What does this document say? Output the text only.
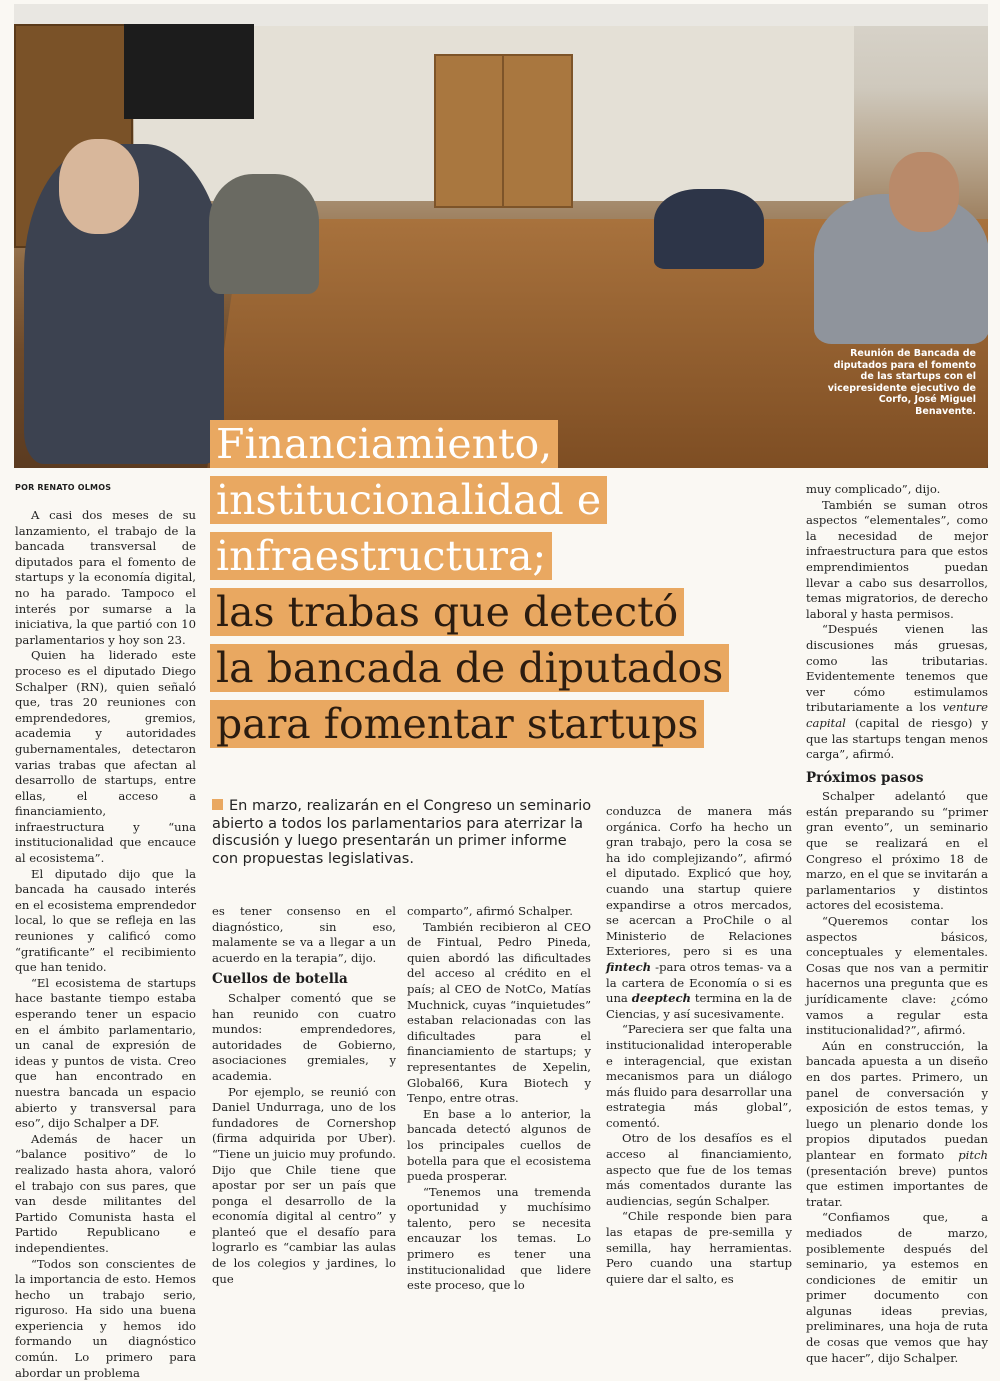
Reunión de Bancada de diputados para el fomento de las startups con el vicepresidente ejecutivo de Corfo, José Miguel Benavente.
Financiamiento,
institucionalidad e
infraestructura;
las trabas que detectó
la bancada de diputados
para fomentar startups
POR RENATO OLMOS

A casi dos meses de su lanzamiento, el trabajo de la bancada transversal de diputados para el fomento de startups y la economía digital, no ha parado. Tampoco el interés por sumarse a la iniciativa, la que partió con 10 parlamentarios y hoy son 23.

Quien ha liderado este proceso es el diputado Diego Schalper (RN), quien señaló que, tras 20 reuniones con emprendedores, gremios, academia y autoridades gubernamentales, detectaron varias trabas que afectan al desarrollo de startups, entre ellas, el acceso a financiamiento, infraestructura y “una institucionalidad que encauce al ecosistema”.

El diputado dijo que la bancada ha causado interés en el ecosistema emprendedor local, lo que se refleja en las reuniones y calificó como “gratificante” el recibimiento que han tenido.

“El ecosistema de startups hace bastante tiempo estaba esperando tener un espacio en el ámbito parlamentario, un canal de expresión de ideas y puntos de vista. Creo que han encontrado en nuestra bancada un espacio abierto y transversal para eso”, dijo Schalper a DF.

Además de hacer un “balance positivo” de lo realizado hasta ahora, valoró el trabajo con sus pares, que van desde militantes del Partido Comunista hasta el Partido Republicano e independientes.

“Todos son conscientes de la importancia de esto. Hemos hecho un trabajo serio, riguroso. Ha sido una buena experiencia y hemos ido formando un diagnóstico común. Lo primero para abordar un problema

En marzo, realizarán en el Congreso un seminario abierto a todos los parlamentarios para aterrizar la discusión y luego presentarán un primer informe con propuestas legislativas.

es tener consenso en el diagnóstico, sin eso, malamente se va a llegar a un acuerdo en la terapia”, dijo.

Cuellos de botella

Schalper comentó que se han reunido con cuatro mundos: emprendedores, autoridades de Gobierno, asociaciones gremiales, y academia.

Por ejemplo, se reunió con Daniel Undurraga, uno de los fundadores de Cornershop (firma adquirida por Uber). “Tiene un juicio muy profundo. Dijo que Chile tiene que apostar por ser un país que ponga el desarrollo de la economía digital al centro” y planteó que el desafío para lograrlo es “cambiar las aulas de los colegios y jardines, lo que

comparto”, afirmó Schalper.

También recibieron al CEO de Fintual, Pedro Pineda, quien abordó las dificultades del acceso al crédito en el país; al CEO de NotCo, Matías Muchnick, cuyas “inquietudes” estaban relacionadas con las dificultades para el financiamiento de startups; y representantes de Xepelin, Global66, Kura Biotech y Tenpo, entre otras.

En base a lo anterior, la bancada detectó algunos de los principales cuellos de botella para que el ecosistema pueda prosperar.

“Tenemos una tremenda oportunidad y muchísimo talento, pero se necesita encauzar los temas. Lo primero es tener una institucionalidad que lidere este proceso, que lo

conduzca de manera más orgánica. Corfo ha hecho un gran trabajo, pero la cosa se ha ido complejizando”, afirmó el diputado. Explicó que hoy, cuando una startup quiere expandirse a otros mercados, se acercan a ProChile o al Ministerio de Relaciones Exteriores, pero si es una fintech -para otros temas- va a la cartera de Economía o si es una deeptech termina en la de Ciencias, y así sucesivamente.

“Pareciera ser que falta una institucionalidad interoperable e interagencial, que existan mecanismos para un diálogo más fluido para desarrollar una estrategia más global”, comentó.

Otro de los desafíos es el acceso al financiamiento, aspecto que fue de los temas más comentados durante las audiencias, según Schalper.

“Chile responde bien para las etapas de pre-semilla y semilla, hay herramientas. Pero cuando una startup quiere dar el salto, es

muy complicado”, dijo.

También se suman otros aspectos “elementales”, como la necesidad de mejor infraestructura para que estos emprendimientos puedan llevar a cabo sus desarrollos, temas migratorios, de derecho laboral y hasta permisos.

“Después vienen las discusiones más gruesas, como las tributarias. Evidentemente tenemos que ver cómo estimulamos tributariamente a los venture capital (capital de riesgo) y que las startups tengan menos carga”, afirmó.

Próximos pasos

Schalper adelantó que están preparando su “primer gran evento”, un seminario que se realizará en el Congreso el próximo 18 de marzo, en el que se invitarán a parlamentarios y distintos actores del ecosistema.

“Queremos contar los aspectos básicos, conceptuales y elementales. Cosas que nos van a permitir hacernos una pregunta que es jurídicamente clave: ¿cómo vamos a regular esta institucionalidad?”, afirmó.

Aún en construcción, la bancada apuesta a un diseño en dos partes. Primero, un panel de conversación y exposición de estos temas, y luego un plenario donde los propios diputados puedan plantear en formato pitch (presentación breve) puntos que estimen importantes de tratar.

“Confiamos que, a mediados de marzo, posiblemente después del seminario, ya estemos en condiciones de emitir un primer documento con algunas ideas previas, preliminares, una hoja de ruta de cosas que vemos que hay que hacer”, dijo Schalper.
